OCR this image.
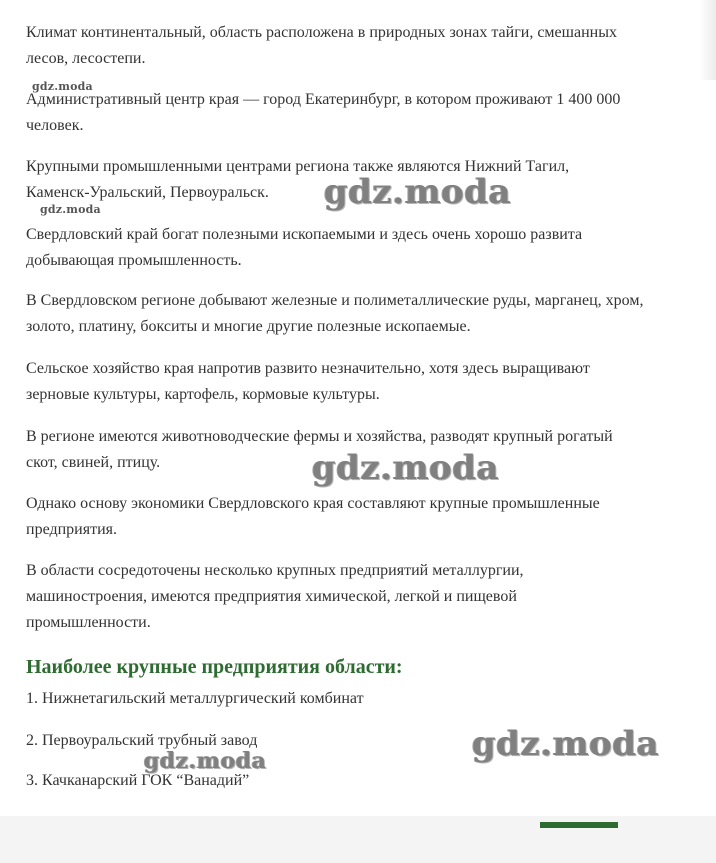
Климат континентальный, область расположена в природных зонах тайги, смешанных
лесов, лесостепи.
Административный центр края — город Екатеринбург, в котором проживают 1 400 000
человек.
Крупными промышленными центрами региона также являются Нижний Тагил,
Каменск-Уральский, Первоуральск.
Свердловский край богат полезными ископаемыми и здесь очень хорошо развита
добывающая промышленность.
В Свердловском регионе добывают железные и полиметаллические руды, марганец, хром,
золото, платину, бокситы и многие другие полезные ископаемые.
Сельское хозяйство края напротив развито незначительно, хотя здесь выращивают
зерновые культуры, картофель, кормовые культуры.
В регионе имеются животноводческие фермы и хозяйства, разводят крупный рогатый
скот, свиней, птицу.
Однако основу экономики Свердловского края составляют крупные промышленные
предприятия.
В области сосредоточены несколько крупных предприятий металлургии,
машиностроения, имеются предприятия химической, легкой и пищевой
промышленности.
Наиболее крупные предприятия области:
1. Нижнетагильский металлургический комбинат
2. Первоуральский трубный завод
3. Качканарский ГОК “Ванадий”
gdz.moda
gdz.moda	gdz.moda
gdz.moda
gdz.moda
gdz.moda
